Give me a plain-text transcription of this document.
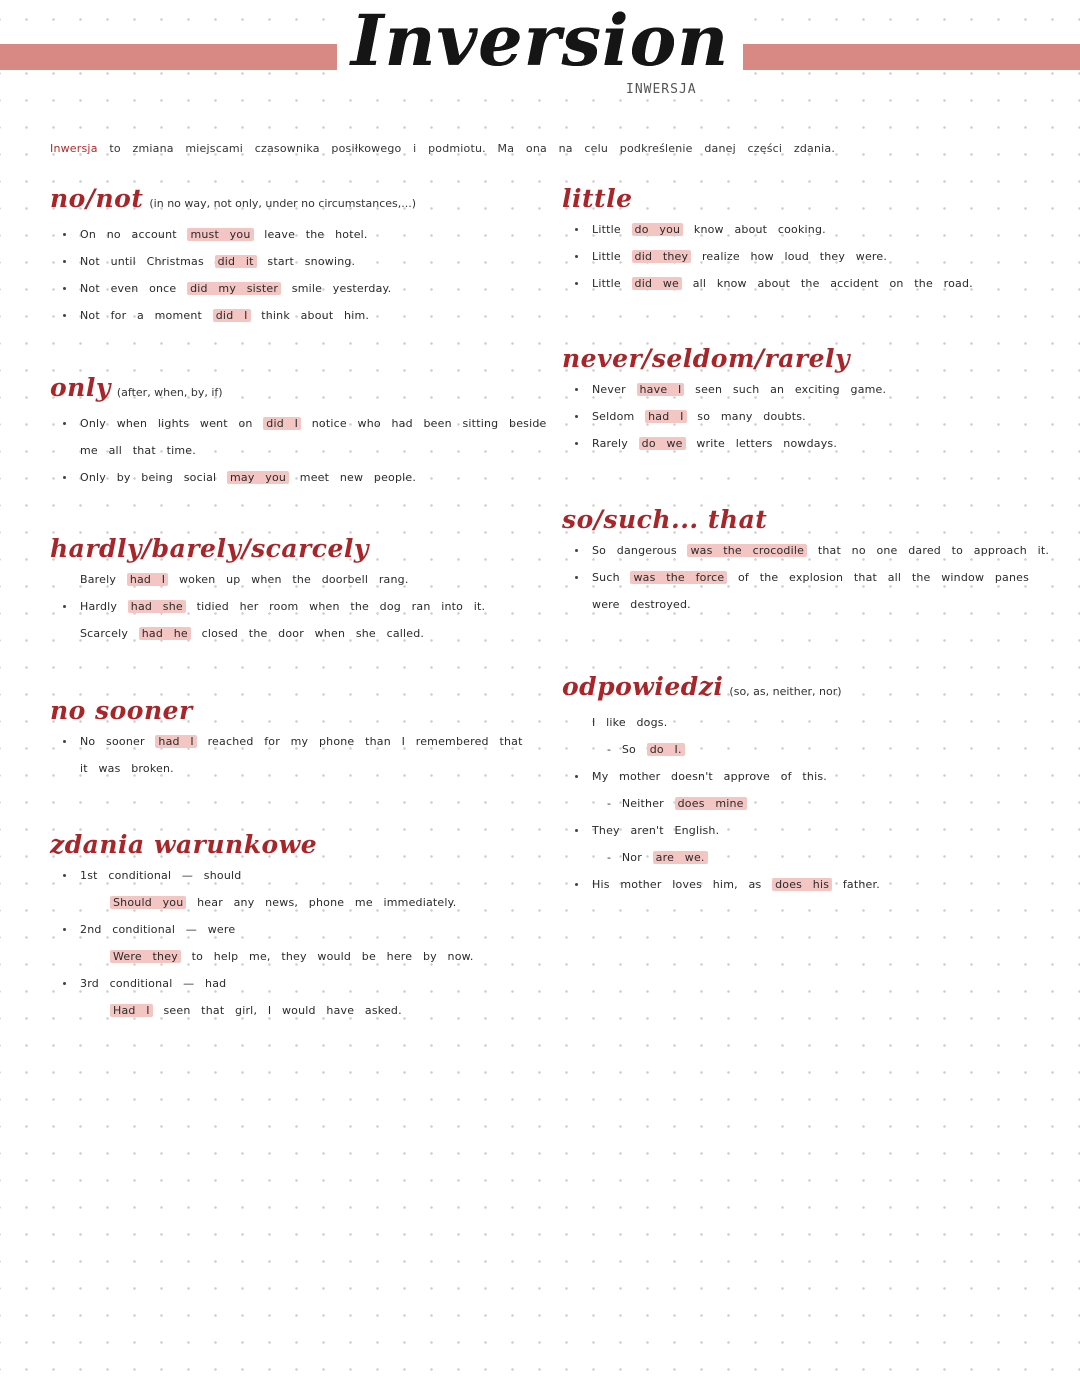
Inversion
INWERSJA
Inwersja to zmiana miejscami czasownika posiłkowego i podmiotu. Ma ona na celu podkreślenie danej części zdania.
no/not (in no way, not only, under no circumstances,...)
On no account must you leave the hotel.
Not until Christmas did it start snowing.
Not even once did my sister smile yesterday.
Not for a moment did I think about him.
only (after, when, by, if)
Only when lights went on did I notice who had been sitting beside
me all that time.
Only by being social may you meet new people.
hardly/barely/scarcely
Barely had I woken up when the doorbell rang.
Hardly had she tidied her room when the dog ran into it.
Scarcely had he closed the door when she called.
no sooner
No sooner had I reached for my phone than I remembered that
it was broken.
zdania warunkowe
1st conditional — should
Should you hear any news, phone me immediately.
2nd conditional — were
Were they to help me, they would be here by now.
3rd conditional — had
Had I seen that girl, I would have asked.
little
Little do you know about cooking.
Little did they realize how loud they were.
Little did we all know about the accident on the road.
never/seldom/rarely
Never have I seen such an exciting game.
Seldom had I so many doubts.
Rarely do we write letters nowdays.
so/such... that
So dangerous was the crocodile that no one dared to approach it.
Such was the force of the explosion that all the window panes
were destroyed.
odpowiedzi (so, as, neither, nor)
I like dogs.
- So do I.
My mother doesn't approve of this.
- Neither does mine
They aren't English.
- Nor are we.
His mother loves him, as does his father.
